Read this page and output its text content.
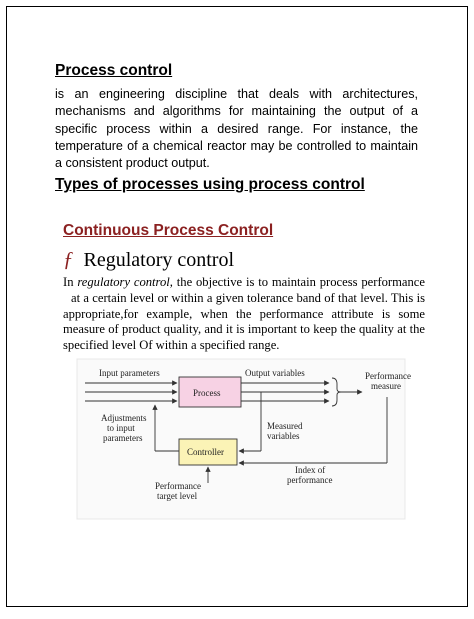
Process control
is an engineering discipline that deals with architectures, mechanisms and algorithms for maintaining the output of a specific process within a desired range. For instance, the temperature of a chemical reactor may be controlled to maintain a consistent product output.
Types of processes using process control
Continuous Process Control
ƒ Regulatory control
In regulatory control, the objective is to maintain process performance at a certain level or within a given tolerance band of that level. This is appropriate,for example, when the performance attribute is some measure of product quality, and it is important to keep the quality at the specified level Of within a specified range.
Input parameters
Process
Output variables	Performance
measure
Measured
variables
Controller
Adjustments
to input
parameters
Index of
performance
Performance
target level
